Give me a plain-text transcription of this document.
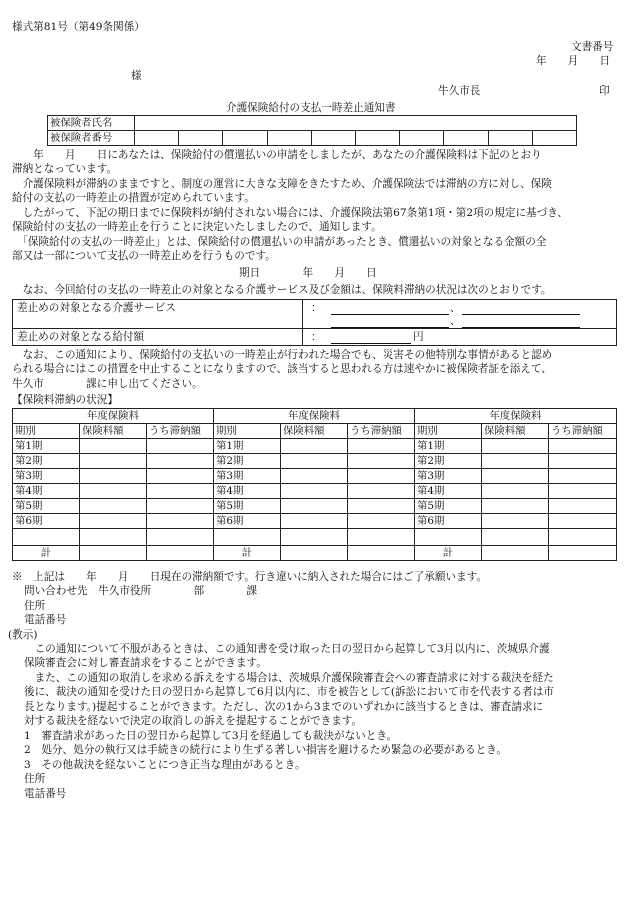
様式第81号（第49条関係）
文書番号
年　　月　　日
様
牛久市長	印
介護保険給付の支払一時差止通知書
被保険者氏名										
被保険者番号										
　　年　　月　　日にあなたは、保険給付の償還払いの申請をしましたが、あなたの介護保険料は下記のとおり
滞納となっています。
　介護保険料が滞納のままですと、制度の運営に大きな支障をきたすため、介護保険法では滞納の方に対し、保険
給付の支払の一時差止の措置が定められています。
　したがって、下記の期日までに保険料が納付されない場合には、介護保険法第67条第1項・第2項の規定に基づき、
保険給付の支払の一時差止を行うことに決定いたしましたので、通知します。
　「保険給付の支払の一時差止」とは、保険給付の償還払いの申請があったとき、償還払いの対象となる金額の全
部又は一部について支払の一時差止めを行うものです。
期日　　　　年　　月　　日
　なお、今回給付の支払の一時差止の対象となる介護サービス及び金額は、保険料滞納の状況は次のとおりです。
差止めの対象となる介護サービス	：	、
、
差止めの対象となる給付額	：	円
　なお、この通知により、保険給付の支払いの一時差止が行われた場合でも、災害その他特別な事情があると認め
られる場合にはこの措置を中止することになりますので、該当すると思われる方は速やかに被保険者証を添えて、
牛久市　　　　課に申し出てください。
【保険料滞納の状況】
年度保険料			年度保険料			年度保険料		
期別	保険料額	うち滞納額	期別	保険料額	うち滞納額	期別	保険料額	うち滞納額
第1期			第1期			第1期		
第2期			第2期			第2期		
第3期			第3期			第3期		
第4期			第4期			第4期		
第5期			第5期			第5期		
第6期			第6期			第6期		

計			計			計		
※　上記は　　年　　月　　日現在の滞納額です。行き違いに納入された場合にはご了承願います。
問い合わせ先　牛久市役所　　　　部　　　　課
住所
電話番号
(教示)
　この通知について不服があるときは、この通知書を受け取った日の翌日から起算して3月以内に、茨城県介護
保険審査会に対し審査請求をすることができます。
　また、この通知の取消しを求める訴えをする場合は、茨城県介護保険審査会への審査請求に対する裁決を経た
後に、裁決の通知を受けた日の翌日から起算して6月以内に、市を被告として(訴訟において市を代表する者は市
長となります。)提起することができます。ただし、次の1から3までのいずれかに該当するときは、審査請求に
対する裁決を経ないで決定の取消しの訴えを提起することができます。
1　審査請求があった日の翌日から起算して3月を経過しても裁決がないとき。
2　処分、処分の執行又は手続きの続行により生ずる著しい損害を避けるため緊急の必要があるとき。
3　その他裁決を経ないことにつき正当な理由があるとき。
住所
電話番号
